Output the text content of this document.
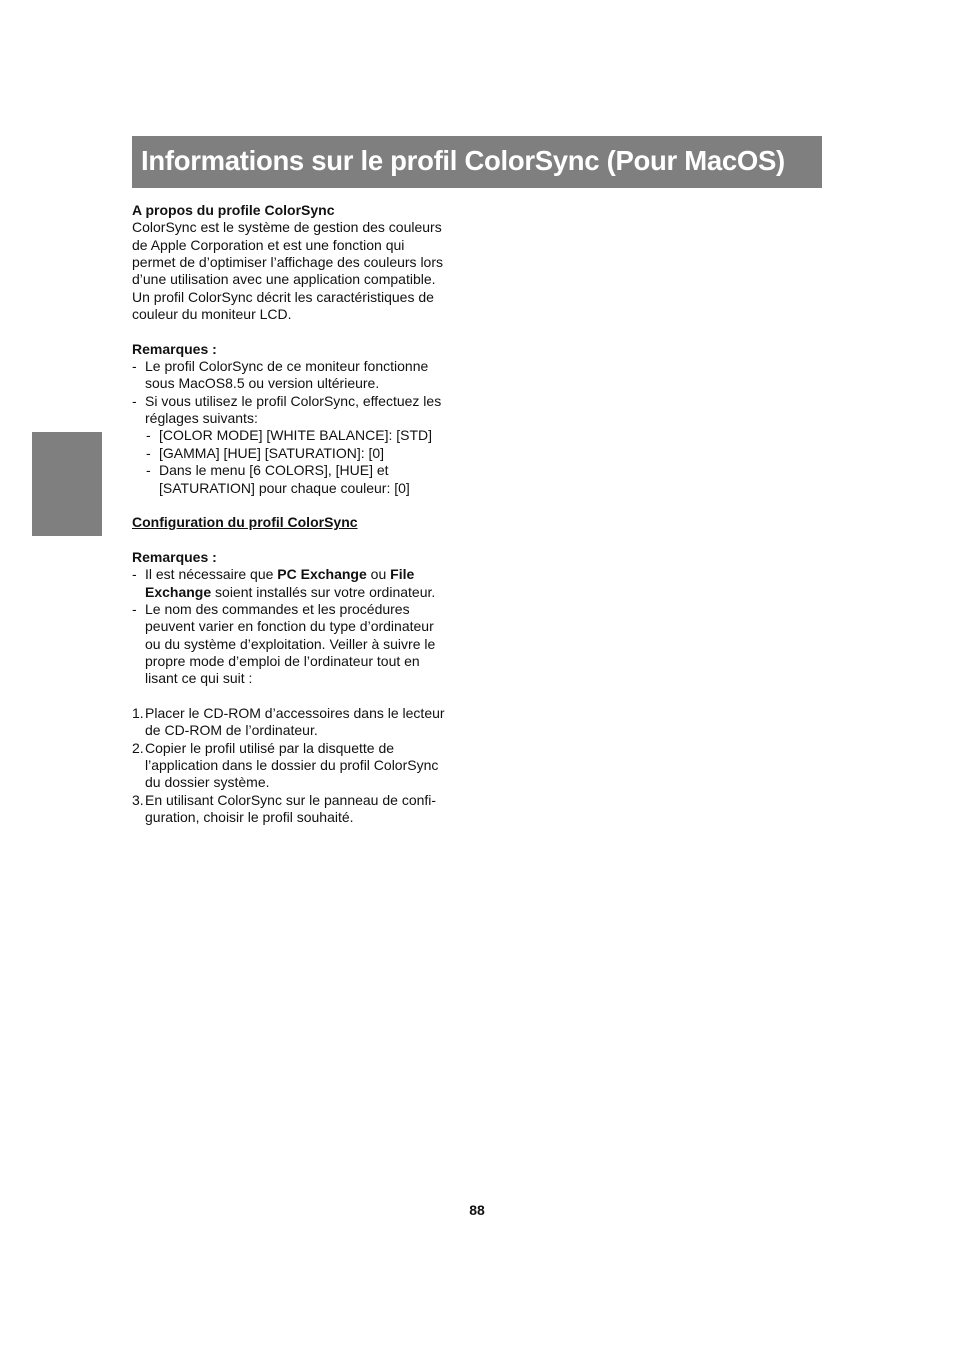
Informations sur le profil ColorSync (Pour MacOS)
A propos du profile ColorSync
ColorSync est le système de gestion des couleurs
de Apple Corporation et est une fonction qui
permet de d’optimiser l’affichage des couleurs lors
d’une utilisation avec une application compatible.
Un profil ColorSync décrit les caractéristiques de
couleur du moniteur LCD.
Remarques :
- Le profil ColorSync de ce moniteur fonctionne
sous MacOS8.5 ou version ultérieure.
- Si vous utilisez le profil ColorSync, effectuez les
réglages suivants:
- [COLOR MODE] [WHITE BALANCE]: [STD]
- [GAMMA] [HUE] [SATURATION]: [0]
- Dans le menu [6 COLORS], [HUE] et
[SATURATION] pour chaque couleur: [0]
Configuration du profil ColorSync
Remarques :
- Il est nécessaire que PC Exchange ou File
Exchange soient installés sur votre ordinateur.
- Le nom des commandes et les procédures
peuvent varier en fonction du type d’ordinateur
ou du système d’exploitation. Veiller à suivre le
propre mode d’emploi de l’ordinateur tout en
lisant ce qui suit :
1. Placer le CD-ROM d’accessoires dans le lecteur
de CD-ROM de l’ordinateur.
2. Copier le profil utilisé par la disquette de
l’application dans le dossier du profil ColorSync
du dossier système.
3. En utilisant ColorSync sur le panneau de confi-
guration, choisir le profil souhaité.
88
